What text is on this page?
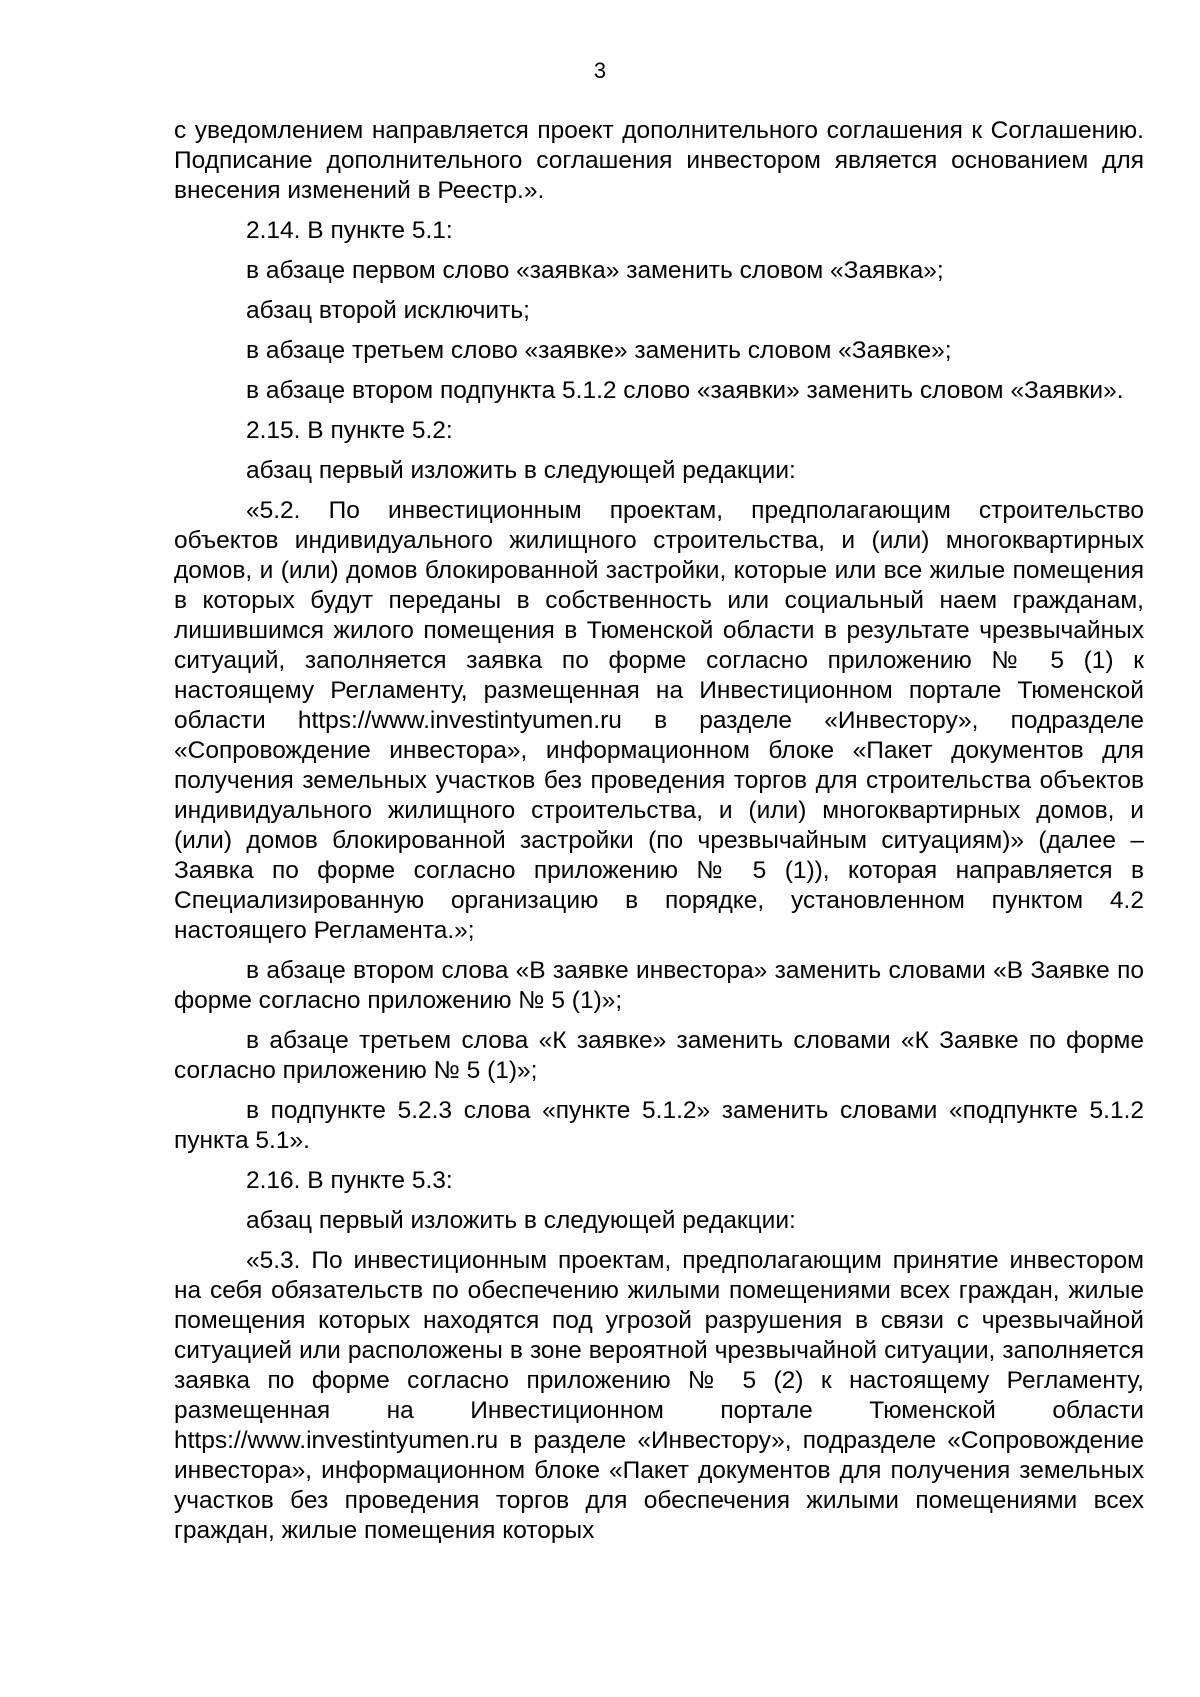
3

с уведомлением направляется проект дополнительного соглашения к Соглашению. Подписание дополнительного соглашения инвестором является основанием для внесения изменений в Реестр.».

2.14. В пункте 5.1:

в абзаце первом слово «заявка» заменить словом «Заявка»;

абзац второй исключить;

в абзаце третьем слово «заявке» заменить словом «Заявке»;

в абзаце втором подпункта 5.1.2 слово «заявки» заменить словом «Заявки».

2.15. В пункте 5.2:

абзац первый изложить в следующей редакции:

«5.2. По инвестиционным проектам, предполагающим строительство объектов индивидуального жилищного строительства, и (или) многоквартирных домов, и (или) домов блокированной застройки, которые или все жилые помещения в которых будут переданы в собственность или социальный наем гражданам, лишившимся жилого помещения в Тюменской области в результате чрезвычайных ситуаций, заполняется заявка по форме согласно приложению № 5 (1) к настоящему Регламенту, размещенная на Инвестиционном портале Тюменской области https://www.investintyumen.ru в разделе «Инвестору», подразделе «Сопровождение инвестора», информационном блоке «Пакет документов для получения земельных участков без проведения торгов для строительства объектов индивидуального жилищного строительства, и (или) многоквартирных домов, и (или) домов блокированной застройки (по чрезвычайным ситуациям)» (далее – Заявка по форме согласно приложению № 5 (1)), которая направляется в Специализированную организацию в порядке, установленном пунктом 4.2 настоящего Регламента.»;

в абзаце втором слова «В заявке инвестора» заменить словами «В Заявке по форме согласно приложению № 5 (1)»;

в абзаце третьем слова «К заявке» заменить словами «К Заявке по форме согласно приложению № 5 (1)»;

в подпункте 5.2.3 слова «пункте 5.1.2» заменить словами «подпункте 5.1.2 пункта 5.1».

2.16. В пункте 5.3:

абзац первый изложить в следующей редакции:

«5.3. По инвестиционным проектам, предполагающим принятие инвестором на себя обязательств по обеспечению жилыми помещениями всех граждан, жилые помещения которых находятся под угрозой разрушения в связи с чрезвычайной ситуацией или расположены в зоне вероятной чрезвычайной ситуации, заполняется заявка по форме согласно приложению № 5 (2) к настоящему Регламенту, размещенная на Инвестиционном портале Тюменской области https://www.investintyumen.ru в разделе «Инвестору», подразделе «Сопровождение инвестора», информационном блоке «Пакет документов для получения земельных участков без проведения торгов для обеспечения жилыми помещениями всех граждан, жилые помещения которых
